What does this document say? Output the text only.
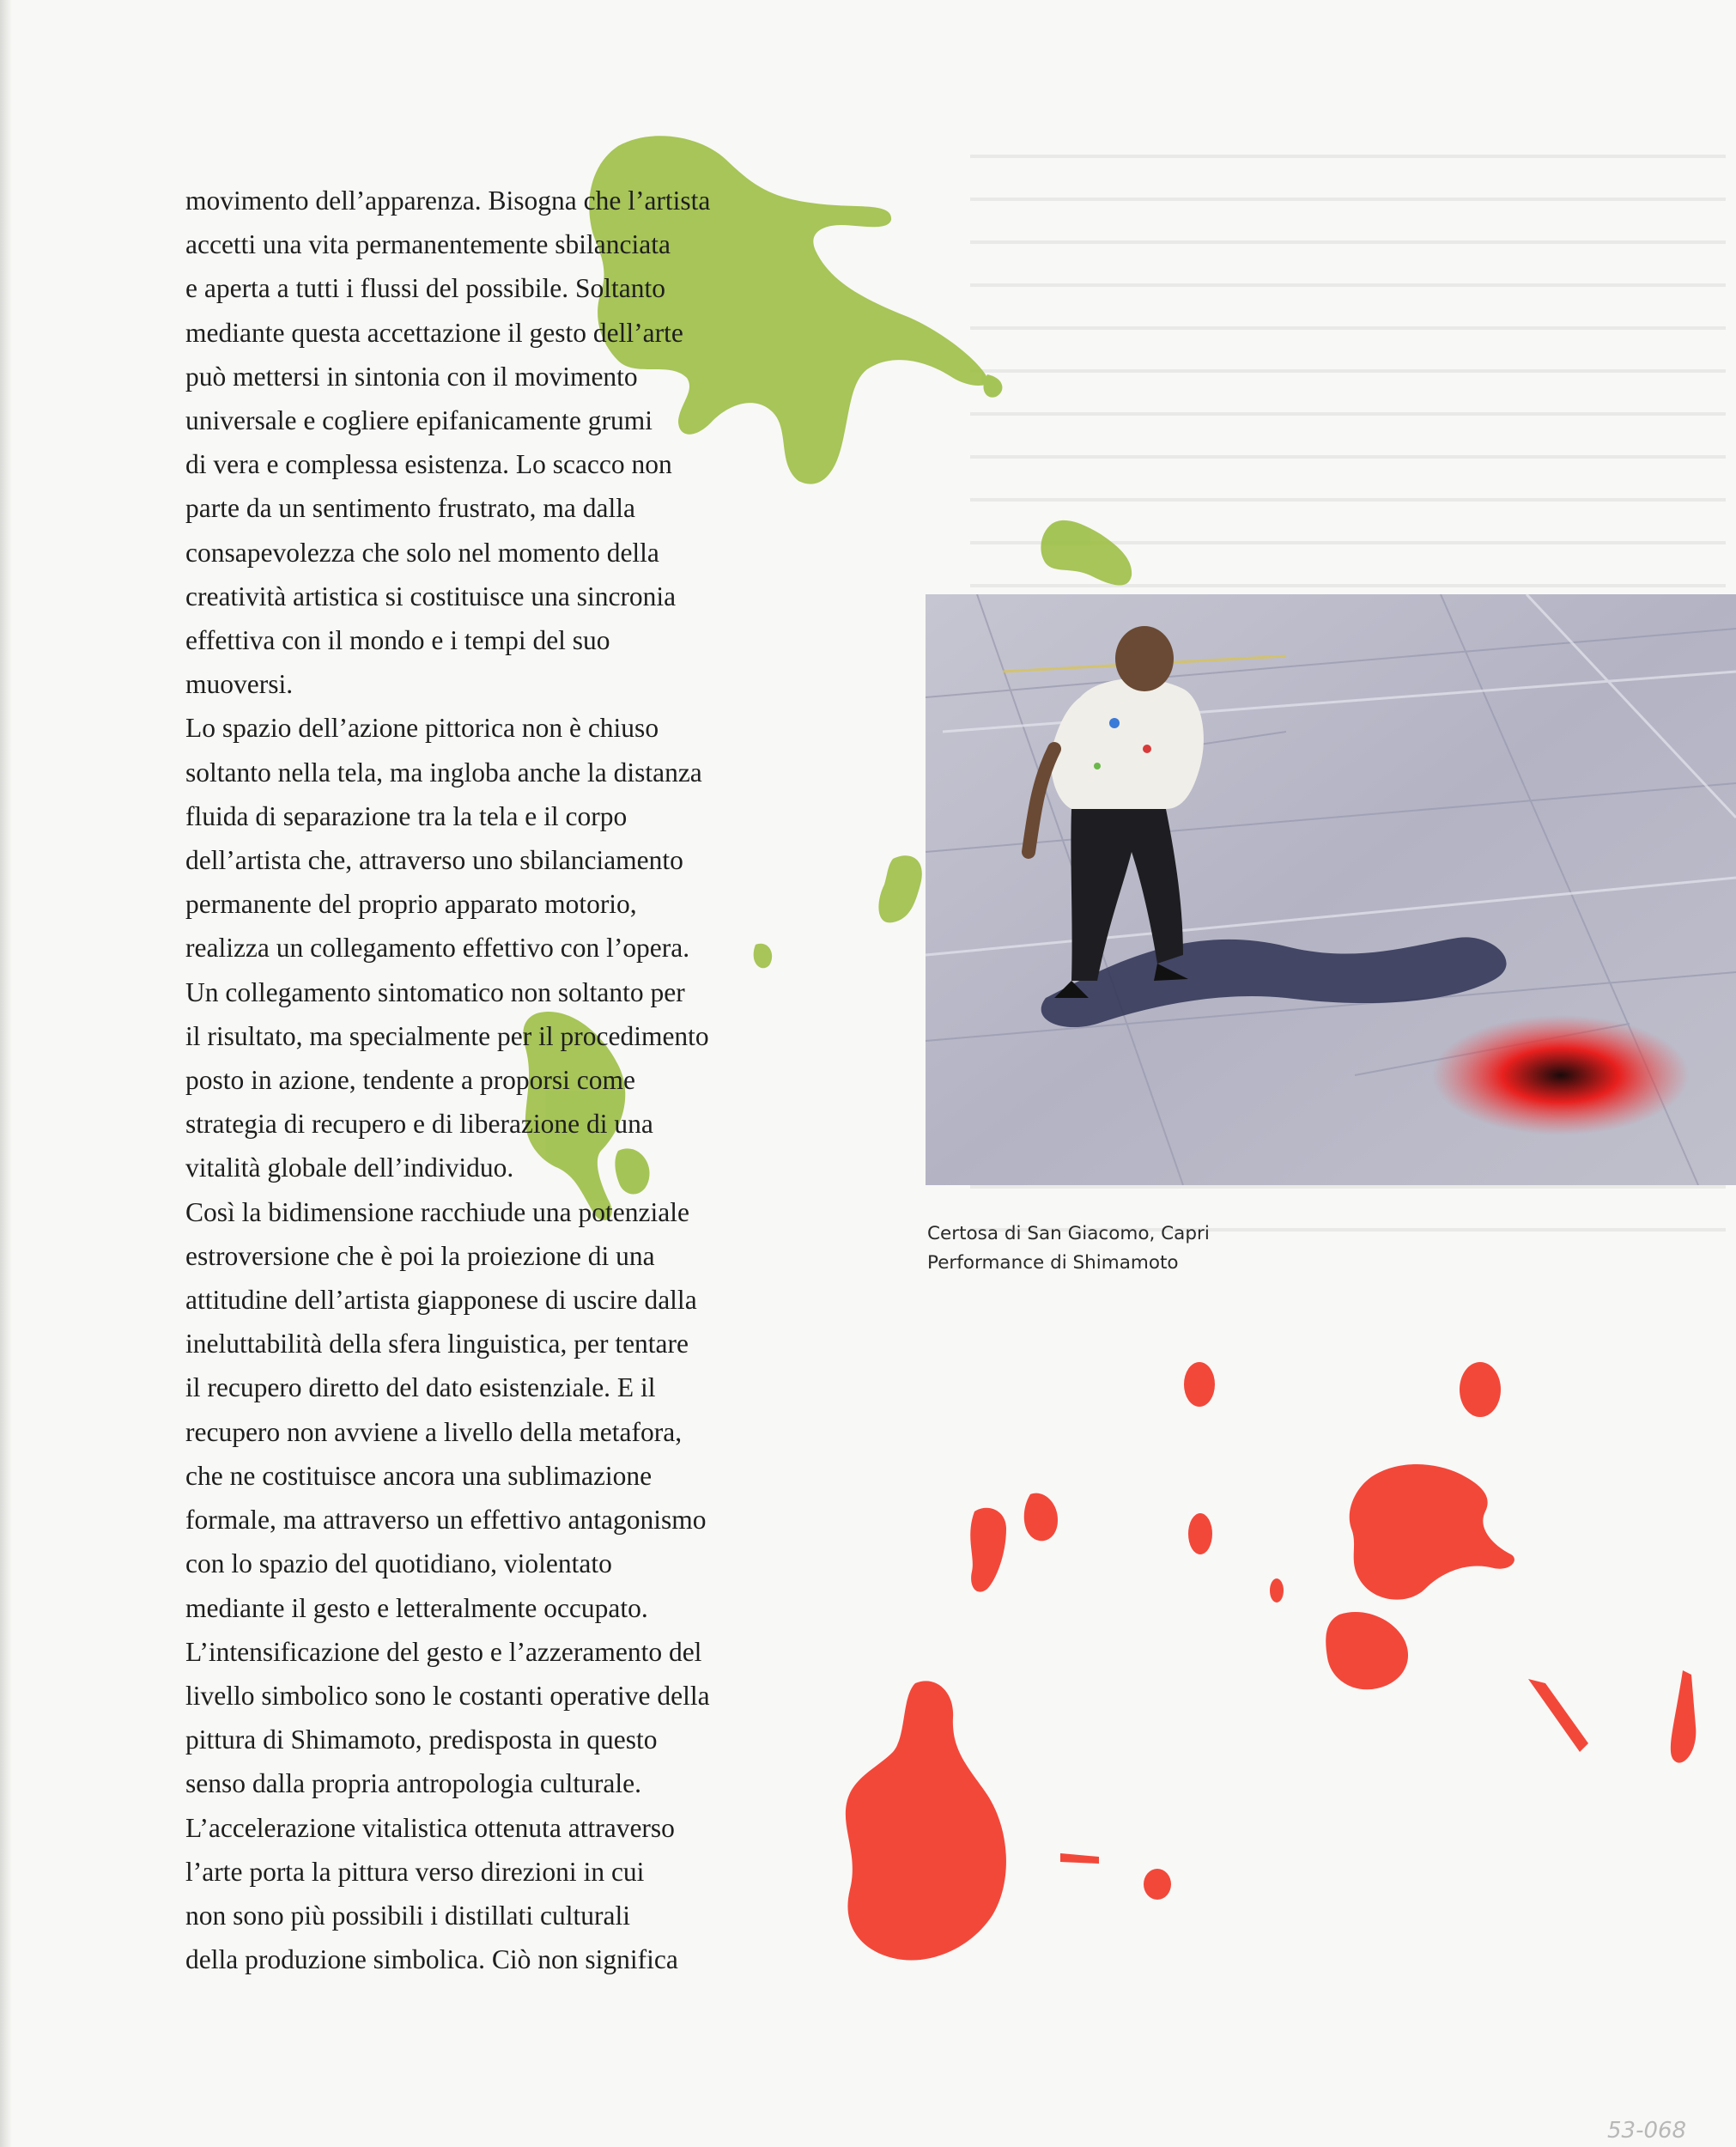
movimento dell’apparenza. Bisogna che l’artista
accetti una vita permanentemente sbilanciata
e aperta a tutti i flussi del possibile. Soltanto
mediante questa accettazione il gesto dell’arte
può mettersi in sintonia con il movimento
universale e cogliere epifanicamente grumi
di vera e complessa esistenza. Lo scacco non
parte da un sentimento frustrato, ma dalla
consapevolezza che solo nel momento della
creatività artistica si costituisce una sincronia
effettiva con il mondo e i tempi del suo
muoversi.
Lo spazio dell’azione pittorica non è chiuso
soltanto nella tela, ma ingloba anche la distanza
fluida di separazione tra la tela e il corpo
dell’artista che, attraverso uno sbilanciamento
permanente del proprio apparato motorio,
realizza un collegamento effettivo con l’opera.
Un collegamento sintomatico non soltanto per
il risultato, ma specialmente per il procedimento
posto in azione, tendente a proporsi come
strategia di recupero e di liberazione di una
vitalità globale dell’individuo.
Così la bidimensione racchiude una potenziale
estroversione che è poi la proiezione di una
attitudine dell’artista giapponese di uscire dalla
ineluttabilità della sfera linguistica, per tentare
il recupero diretto del dato esistenziale. E il
recupero non avviene a livello della metafora,
che ne costituisce ancora una sublimazione
formale, ma attraverso un effettivo antagonismo
con lo spazio del quotidiano, violentato
mediante il gesto e letteralmente occupato.
L’intensificazione del gesto e l’azzeramento del
livello simbolico sono le costanti operative della
pittura di Shimamoto, predisposta in questo
senso dalla propria antropologia culturale.
L’accelerazione vitalistica ottenuta attraverso
l’arte porta la pittura verso direzioni in cui
non sono più possibili i distillati culturali
della produzione simbolica. Ciò non significa

Certosa di San Giacomo, Capri
Performance di Shimamoto

53-068
